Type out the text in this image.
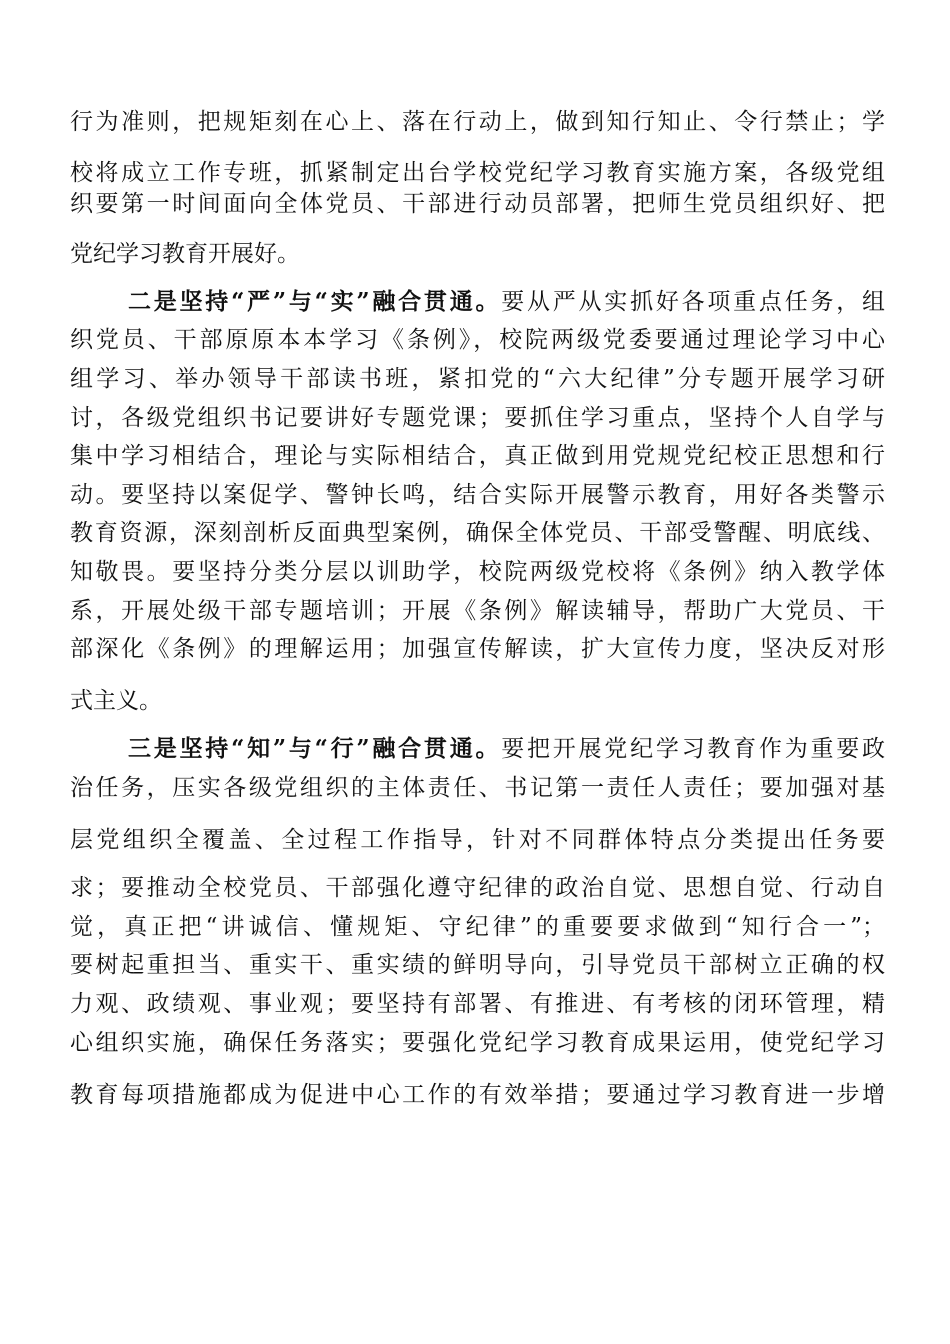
行为准则，把规矩刻在心上、落在行动上，做到知行知止、令行禁止；学
校将成立工作专班，抓紧制定出台学校党纪学习教育实施方案，各级党组
织要第一时间面向全体党员、干部进行动员部署，把师生党员组织好、把
党纪学习教育开展好。
二是坚持“严”与“实”融合贯通。要从严从实抓好各项重点任务，组
织党员、干部原原本本学习《条例》，校院两级党委要通过理论学习中心
组学习、举办领导干部读书班，紧扣党的“六大纪律”分专题开展学习研
讨，各级党组织书记要讲好专题党课；要抓住学习重点，坚持个人自学与
集中学习相结合，理论与实际相结合，真正做到用党规党纪校正思想和行
动。要坚持以案促学、警钟长鸣，结合实际开展警示教育，用好各类警示
教育资源，深刻剖析反面典型案例，确保全体党员、干部受警醒、明底线、
知敬畏。要坚持分类分层以训助学，校院两级党校将《条例》纳入教学体
系，开展处级干部专题培训；开展《条例》解读辅导，帮助广大党员、干
部深化《条例》的理解运用；加强宣传解读，扩大宣传力度，坚决反对形
式主义。
三是坚持“知”与“行”融合贯通。要把开展党纪学习教育作为重要政
治任务，压实各级党组织的主体责任、书记第一责任人责任；要加强对基
层党组织全覆盖、全过程工作指导，针对不同群体特点分类提出任务要
求；要推动全校党员、干部强化遵守纪律的政治自觉、思想自觉、行动自
觉，真正把“讲诚信、懂规矩、守纪律”的重要要求做到“知行合一”；
要树起重担当、重实干、重实绩的鲜明导向，引导党员干部树立正确的权
力观、政绩观、事业观；要坚持有部署、有推进、有考核的闭环管理，精
心组织实施，确保任务落实；要强化党纪学习教育成果运用，使党纪学习
教育每项措施都成为促进中心工作的有效举措；要通过学习教育进一步增
